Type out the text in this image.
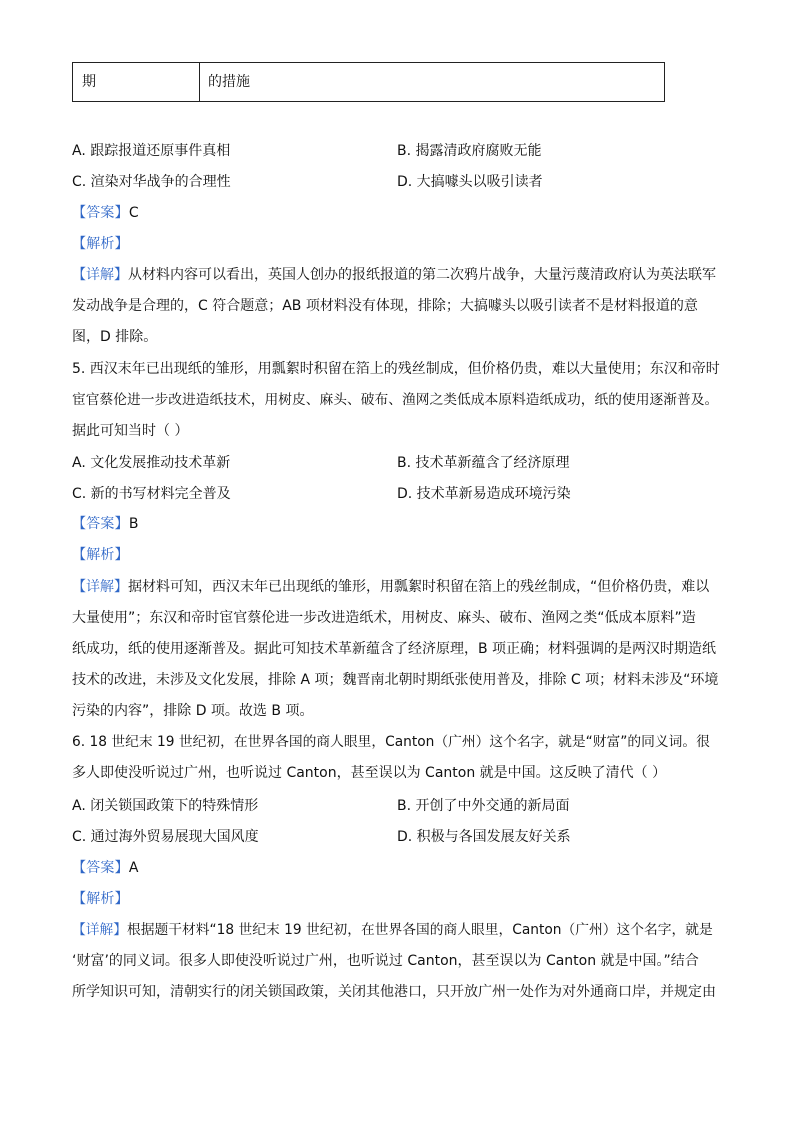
期	的措施
A. 跟踪报道还原事件真相	B. 揭露清政府腐败无能
C. 渲染对华战争的合理性	D. 大搞噱头以吸引读者
【答案】C
【解析】
【详解】从材料内容可以看出，英国人创办的报纸报道的第二次鸦片战争，大量污蔑清政府认为英法联军
发动战争是合理的，C 符合题意；AB 项材料没有体现，排除；大搞噱头以吸引读者不是材料报道的意
图，D 排除。
5. 西汉末年已出现纸的雏形，用瓢絮时积留在箔上的残丝制成，但价格仍贵，难以大量使用；东汉和帝时
宦官蔡伦进一步改进造纸技术，用树皮、麻头、破布、渔网之类低成本原料造纸成功，纸的使用逐渐普及。
据此可知当时（ ）
A. 文化发展推动技术革新	B. 技术革新蕴含了经济原理
C. 新的书写材料完全普及	D. 技术革新易造成环境污染
【答案】B
【解析】
【详解】据材料可知，西汉末年已出现纸的雏形，用瓢絮时积留在箔上的残丝制成，“但价格仍贵，难以
大量使用”；东汉和帝时宦官蔡伦进一步改进造纸术，用树皮、麻头、破布、渔网之类“低成本原料”造
纸成功，纸的使用逐渐普及。据此可知技术革新蕴含了经济原理，B 项正确；材料强调的是两汉时期造纸
技术的改进，未涉及文化发展，排除 A 项；魏晋南北朝时期纸张使用普及，排除 C 项；材料未涉及“环境
污染的内容”，排除 D 项。故选 B 项。
6. 18 世纪末 19 世纪初，在世界各国的商人眼里，Canton（广州）这个名字，就是“财富”的同义词。很
多人即使没听说过广州，也听说过 Canton，甚至误以为 Canton 就是中国。这反映了清代（ ）
A. 闭关锁国政策下的特殊情形	B. 开创了中外交通的新局面
C. 通过海外贸易展现大国风度	D. 积极与各国发展友好关系
【答案】A
【解析】
【详解】根据题干材料“18 世纪末 19 世纪初，在世界各国的商人眼里，Canton（广州）这个名字，就是
‘财富’的同义词。很多人即使没听说过广州，也听说过 Canton，甚至误以为 Canton 就是中国。”结合
所学知识可知，清朝实行的闭关锁国政策，关闭其他港口，只开放广州一处作为对外通商口岸，并规定由
